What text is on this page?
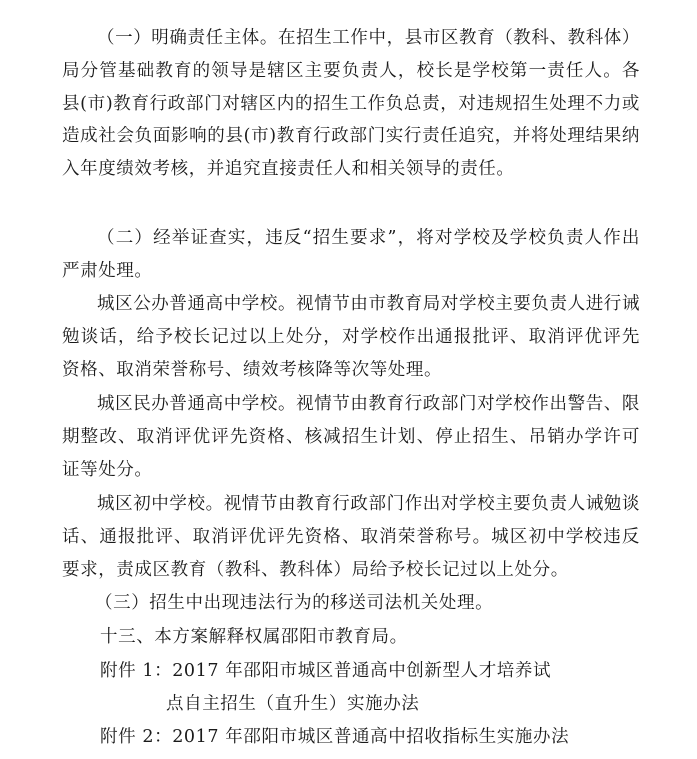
（一）明确责任主体。在招生工作中，县市区教育（教科、教科体）局分管基础教育的领导是辖区主要负责人，校长是学校第一责任人。各县(市)教育行政部门对辖区内的招生工作负总责，对违规招生处理不力或造成社会负面影响的县(市)教育行政部门实行责任追究，并将处理结果纳入年度绩效考核，并追究直接责任人和相关领导的责任。

（二）经举证查实，违反“招生要求”，将对学校及学校负责人作出严肃处理。

城区公办普通高中学校。视情节由市教育局对学校主要负责人进行诫勉谈话，给予校长记过以上处分，对学校作出通报批评、取消评优评先资格、取消荣誉称号、绩效考核降等次等处理。

城区民办普通高中学校。视情节由教育行政部门对学校作出警告、限期整改、取消评优评先资格、核减招生计划、停止招生、吊销办学许可证等处分。

城区初中学校。视情节由教育行政部门作出对学校主要负责人诫勉谈话、通报批评、取消评优评先资格、取消荣誉称号。城区初中学校违反要求，责成区教育（教科、教科体）局给予校长记过以上处分。

（三）招生中出现违法行为的移送司法机关处理。
十三、本方案解释权属邵阳市教育局。
附件 1：2017 年邵阳市城区普通高中创新型人才培养试
点自主招生（直升生）实施办法
附件 2：2017 年邵阳市城区普通高中招收指标生实施办法
